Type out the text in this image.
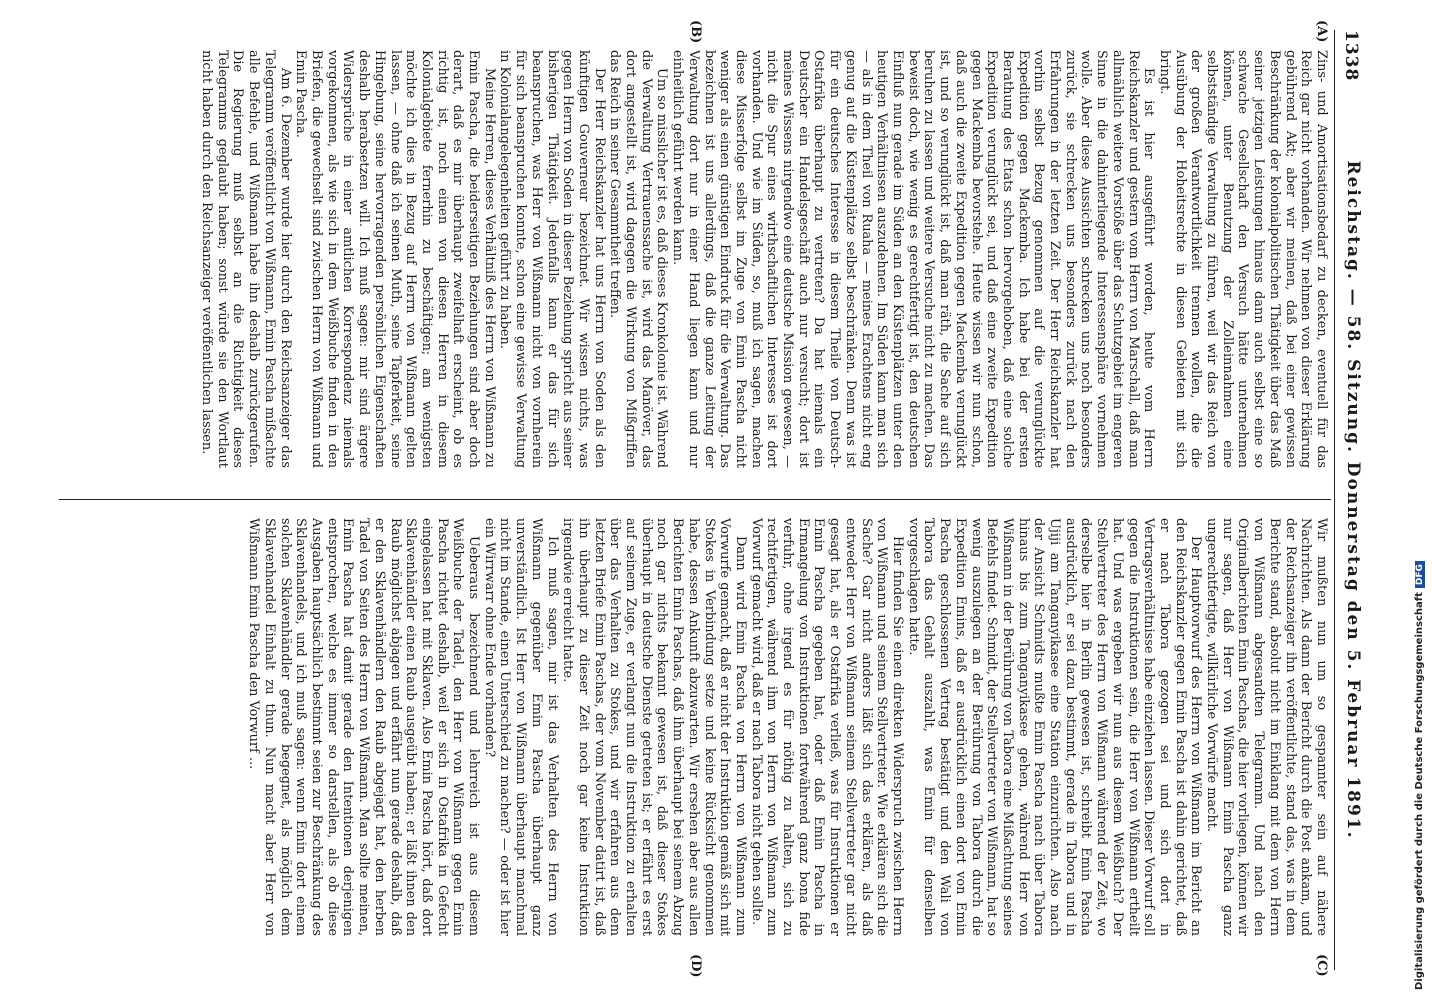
1338
Reichstag. — 58. Sitzung. Donnerstag den 5. Februar 1891.
(A)
(B)
(C)
(D)

Zins- und Amortisationsbedarf zu decken, eventuell für das Reich gar nicht vorhanden. Wir nehmen von dieser Erklärung gebührend Akt; aber wir meinen, daß bei einer gewissen Beschränkung der kolonialpolitischen Thätigkeit über das Maß seiner jetzigen Leistungen hinaus dann auch selbst eine so schwache Gesellschaft den Versuch hätte unternehmen können, unter Benutzung der Zolleinnahmen eine selbstständige Verwaltung zu führen, weil wir das Reich von der großen Verantwortlichkeit trennen wollen, die die Ausübung der Hoheitsrechte in diesen Gebieten mit sich bringt.

Es ist hier ausgeführt worden, heute vom Herrn Reichskanzler und gestern vom Herrn von Marschall, daß man allmählich weitere Vorstöße über das Schutzgebiet im engeren Sinne in die dahinterliegende Interessensphäre vornehmen wolle. Aber diese Aussichten schrecken uns noch besonders zurück, sie schrecken uns besonders zurück nach den Erfahrungen in der letzten Zeit. Der Herr Reichskanzler hat vorhin selbst Bezug genommen auf die verunglückte Expedition gegen Mackemba. Ich habe bei der ersten Berathung des Etats schon hervorgehoben, daß eine solche Expedition verunglückt sei, und daß eine zweite Expedition gegen Mackemba bevorstehe. Heute wissen wir nun schon, daß auch die zweite Expedition gegen Mackemba verunglückt ist, und so verunglückt ist, daß man räth, die Sache auf sich beruhen zu lassen und weitere Versuche nicht zu machen. Das beweist doch, wie wenig es gerechtfertigt ist, den deutschen Einfluß nun gerade im Süden an den Küstenplätzen unter den heutigen Verhältnissen auszudehnen. Im Süden kann man sich — als in dem Theil von Ruaha — meines Erachtens nicht eng genug auf die Küstenplätze selbst beschränken. Denn was ist für ein deutsches Interesse in diesem Theile von Deutsch-Ostafrika überhaupt zu vertreten? Da hat niemals ein Deutscher ein Handelsgeschäft auch nur versucht; dort ist meines Wissens nirgendwo eine deutsche Mission gewesen, — nicht die Spur eines wirthschaftlichen Interesses ist dort vorhanden. Und wie im Süden, so, muß ich sagen, machen diese Misserfolge selbst im Zuge von Emin Pascha nicht weniger als einen günstigen Eindruck für die Verwaltung. Das bezeichnen ist uns allerdings, daß die ganze Leitung der Verwaltung dort nur in einer Hand liegen kann und nur einheitlich geführt werden kann.

Um so misslicher ist es, daß dieses Kronkolonie ist. Während die Verwaltung Vertrauenssache ist, wird das Manöver, das dort angestellt ist, wird dagegen die Wirkung von Mißgriffen das Reich in seiner Gesammtheit treffen.

Der Herr Reichskanzler hat uns Herrn von Soden als den künftigen Gouverneur bezeichnet. Wir wissen nichts, was gegen Herrn von Soden in dieser Beziehung spricht aus seiner bisherigen Thätigkeit. Jedenfalls kann er das für sich beanspruchen, was Herr von Wißmann nicht von vornherein für sich beanspruchen konnte, schon eine gewisse Verwaltung in Kolonialangelegenheiten geführt zu haben.

Meine Herren, dieses Verhältniß des Herrn von Wißmann zu Emin Pascha, die beiderseitigen Beziehungen sind aber doch derart, daß es mir überhaupt zweifelhaft erscheint, ob es richtig ist, noch einen von diesen Herren in diesem Kolonialgebiete fernerhin zu beschäftigen; am wenigsten möchte ich dies in Bezug auf Herrn von Wißmann gelten lassen, — ohne daß ich seinen Muth, seine Tapferkeit, seine Hingebung, seine hervorragenden persönlichen Eigenschaften deshalb herabsetzen will. Ich muß sagen: mir sind ärgere Widersprüche in einer amtlichen Korrespondenz niemals vorgekommen, als wie sich in dem Weißbuche finden in den Briefen, die gewechselt sind zwischen Herrn von Wißmann und Emin Pascha.

Am 6. Dezember wurde hier durch den Reichsanzeiger das Telegramm veröffentlicht von Wißmann, Emin Pascha mißachte alle Befehle, und Wißmann habe ihn deshalb zurückgerufen. Die Regierung muß selbst an die Richtigkeit dieses Telegramms geglaubt haben; sonst würde sie den Wortlaut nicht haben durch den Reichsanzeiger veröffentlichen lassen.

Wir mußten nun um so gespannter sein auf nähere Nachrichten. Als dann der Bericht durch die Post ankam, und der Reichsanzeiger ihn veröffentlichte, stand das, was in dem Berichte stand, absolut nicht im Einklang mit dem von Herrn von Wißmann abgesandten Telegramm. Und nach den Originalberichten Emin Paschas, die hier vorliegen, können wir nur sagen, daß Herr von Wißmann Emin Pascha ganz ungerechtfertigte, willkürliche Vorwürfe macht.

Der Hauptvorwurf des Herrn von Wißmann im Bericht an den Reichskanzler gegen Emin Pascha ist dahin gerichtet, daß er nach Tabora gezogen sei und sich dort in Vertragsverhältnisse habe einziehen lassen. Dieser Vorwurf soll gegen die Instruktionen sein, die Herr von Wißmann ertheilt hat. Und was ergeben wir nun aus diesem Weißbuch? Der Stellvertreter des Herrn von Wißmann während der Zeit, wo derselbe hier in Berlin gewesen ist, schreibt Emin Pascha ausdrücklich, er sei dazu bestimmt, gerade in Tabora und in Ujiji am Tanganyikasee eine Station einzurichten. Also nach der Ansicht Schmidts mußte Emin Pascha nach über Tabora hinaus bis zum Tanganyikasee gehen, während Herr von Wißmann in der Berührung von Tabora eine Mißachtung seines Befehls findet. Schmidt, der Stellvertreter von Wißmann, hat so wenig auszulegen an der Berührung von Tabora durch die Expedition Emins, daß er ausdrücklich einen dort von Emin Pascha geschlossenen Vertrag bestätigt und den Wali von Tabora das Gehalt auszahlt, was Emin für denselben vorgeschlagen hatte.

Hier finden Sie einen direkten Widerspruch zwischen Herrn von Wißmann und seinem Stellvertreter. Wie erklären sich die Sache? Gar nicht anders läßt sich das erklären, als daß entweder Herr von Wißmann seinem Stellvertreter gar nicht gesagt hat, als er Ostafrika verließ, was für Instruktionen er Emin Pascha gegeben hat, oder daß Emin Pascha in Ermangelung von Instruktionen fortwährend ganz bona fide verfuhr, ohne irgend es für nöthig zu halten, sich zu rechtfertigen, während ihm von Herrn von Wißmann zum Vorwurf gemacht wird, daß er nach Tabora nicht gehen sollte.

Dann wird Emin Pascha von Herrn von Wißmann zum Vorwurfe gemacht, daß er nicht der Instruktion gemäß sich mit Stokes in Verbindung setze und keine Rücksicht genommen habe, dessen Ankunft abzuwarten. Wir ersehen aber aus allen Berichten Emin Paschas, daß ihm überhaupt bei seinem Abzug noch gar nichts bekannt gewesen ist, daß dieser Stokes überhaupt in deutsche Dienste getreten ist; er erfährt es erst auf seinem Zuge, er verlangt nun die Instruktion zu erhalten über das Verhalten zu Stokes, und wir erfahren aus dem letzten Briefe Emin Paschas, der vom November datirt ist, daß ihn überhaupt zu dieser Zeit noch gar keine Instruktion irgendwie erreicht hatte.

Ich muß sagen, mir ist das Verhalten des Herrn von Wißmann gegenüber Emin Pascha überhaupt ganz unverständlich. Ist Herr von Wißmann überhaupt manchmal nicht im Stande, einen Unterschied zu machen? — oder ist hier ein Wirrwarr ohne Ende vorhanden?

Ueberaus bezeichnend und lehrreich ist aus diesem Weißbuche der Tadel, den Herr von Wißmann gegen Emin Pascha richtet deshalb, weil er sich in Ostafrika in Gefecht eingelassen hat mit Sklaven. Also Emin Pascha hört, daß dort Sklavenhändler einen Raub ausgeübt haben; er läßt ihnen den Raub möglichst abjagen und erfährt nun gerade deshalb, daß er den Sklavenhändlern den Raub abgejagt hat, den herben Tadel von Seiten des Herrn von Wißmann. Man sollte meinen, Emin Pascha hat damit gerade den Intentionen derjenigen entsprochen, welche es immer so darstellen, als ob diese Ausgaben hauptsächlich bestimmt seien zur Beschränkung des Sklavenhandels, und ich muß sagen: wenn Emin dort einem solchen Sklavenhändler gerade begegnet, als möglich dem Sklavenhandel Einhalt zu thun. Nun macht aber Herr von Wißmann Emin Pascha den Vorwurf ...	Digitalisierung gefördert durch die Deutsche ForschungsgemeinschaftDFG
